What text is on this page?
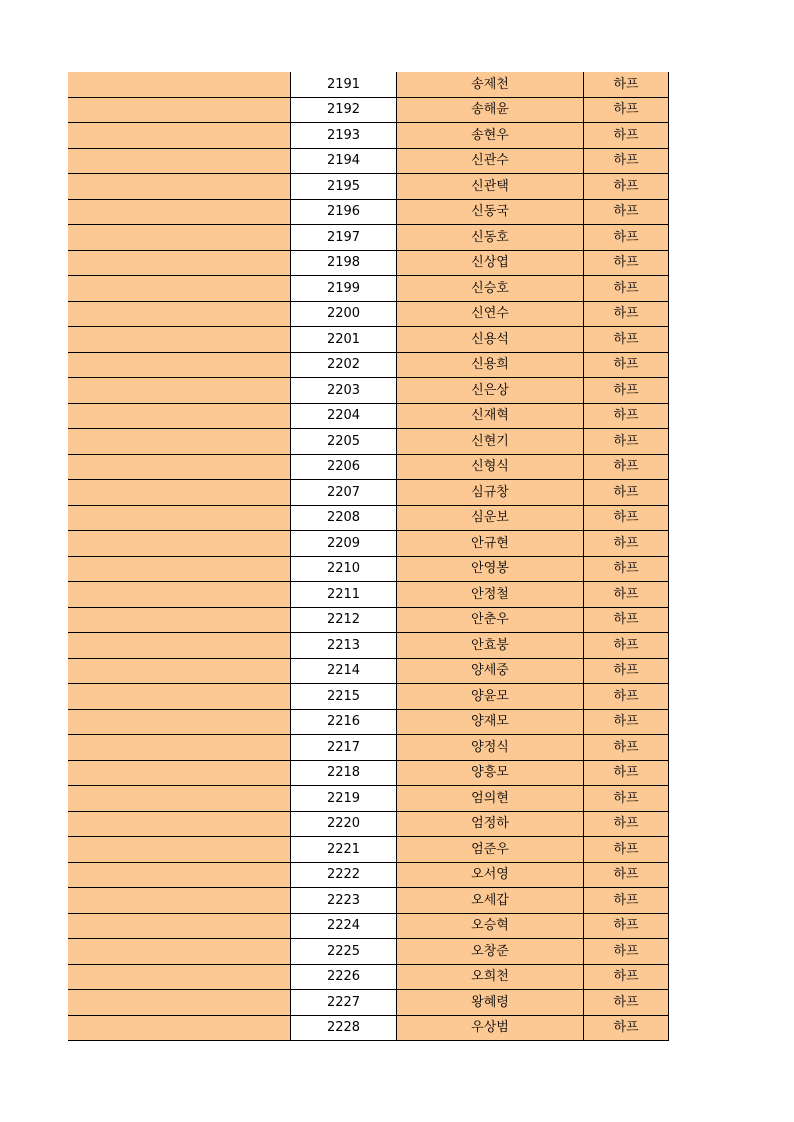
	2191	송제천	하프
	2192	송해윤	하프
	2193	송현우	하프
	2194	신관수	하프
	2195	신관택	하프
	2196	신동국	하프
	2197	신동호	하프
	2198	신상엽	하프
	2199	신승호	하프
	2200	신연수	하프
	2201	신용석	하프
	2202	신용희	하프
	2203	신은상	하프
	2204	신재혁	하프
	2205	신현기	하프
	2206	신형식	하프
	2207	심규창	하프
	2208	심운보	하프
	2209	안규현	하프
	2210	안영봉	하프
	2211	안정철	하프
	2212	안춘우	하프
	2213	안효붕	하프
	2214	양세중	하프
	2215	양윤모	하프
	2216	양재모	하프
	2217	양정식	하프
	2218	양흥모	하프
	2219	엄의현	하프
	2220	엄정하	하프
	2221	엄준우	하프
	2222	오서영	하프
	2223	오세갑	하프
	2224	오승혁	하프
	2225	오창준	하프
	2226	오희천	하프
	2227	왕혜령	하프
	2228	우상범	하프
